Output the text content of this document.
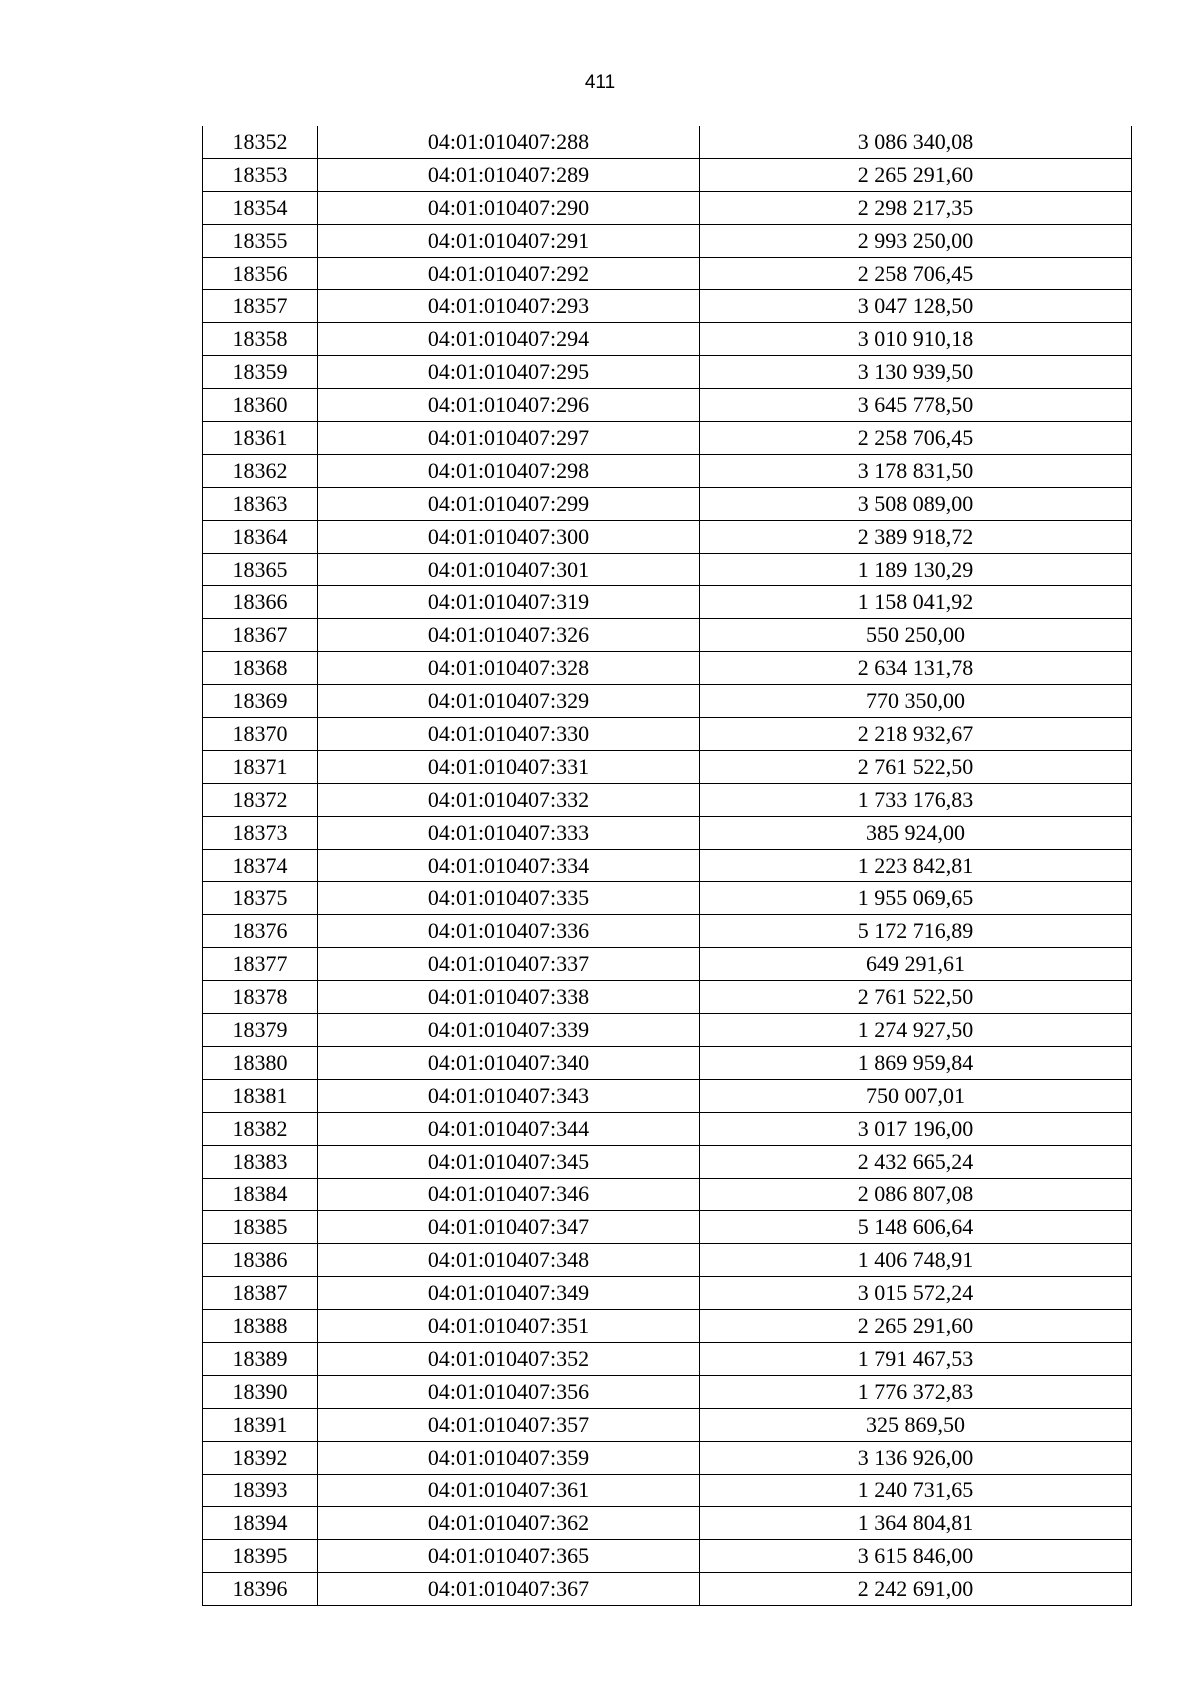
411
18352	04:01:010407:288	3 086 340,08
18353	04:01:010407:289	2 265 291,60
18354	04:01:010407:290	2 298 217,35
18355	04:01:010407:291	2 993 250,00
18356	04:01:010407:292	2 258 706,45
18357	04:01:010407:293	3 047 128,50
18358	04:01:010407:294	3 010 910,18
18359	04:01:010407:295	3 130 939,50
18360	04:01:010407:296	3 645 778,50
18361	04:01:010407:297	2 258 706,45
18362	04:01:010407:298	3 178 831,50
18363	04:01:010407:299	3 508 089,00
18364	04:01:010407:300	2 389 918,72
18365	04:01:010407:301	1 189 130,29
18366	04:01:010407:319	1 158 041,92
18367	04:01:010407:326	550 250,00
18368	04:01:010407:328	2 634 131,78
18369	04:01:010407:329	770 350,00
18370	04:01:010407:330	2 218 932,67
18371	04:01:010407:331	2 761 522,50
18372	04:01:010407:332	1 733 176,83
18373	04:01:010407:333	385 924,00
18374	04:01:010407:334	1 223 842,81
18375	04:01:010407:335	1 955 069,65
18376	04:01:010407:336	5 172 716,89
18377	04:01:010407:337	649 291,61
18378	04:01:010407:338	2 761 522,50
18379	04:01:010407:339	1 274 927,50
18380	04:01:010407:340	1 869 959,84
18381	04:01:010407:343	750 007,01
18382	04:01:010407:344	3 017 196,00
18383	04:01:010407:345	2 432 665,24
18384	04:01:010407:346	2 086 807,08
18385	04:01:010407:347	5 148 606,64
18386	04:01:010407:348	1 406 748,91
18387	04:01:010407:349	3 015 572,24
18388	04:01:010407:351	2 265 291,60
18389	04:01:010407:352	1 791 467,53
18390	04:01:010407:356	1 776 372,83
18391	04:01:010407:357	325 869,50
18392	04:01:010407:359	3 136 926,00
18393	04:01:010407:361	1 240 731,65
18394	04:01:010407:362	1 364 804,81
18395	04:01:010407:365	3 615 846,00
18396	04:01:010407:367	2 242 691,00
